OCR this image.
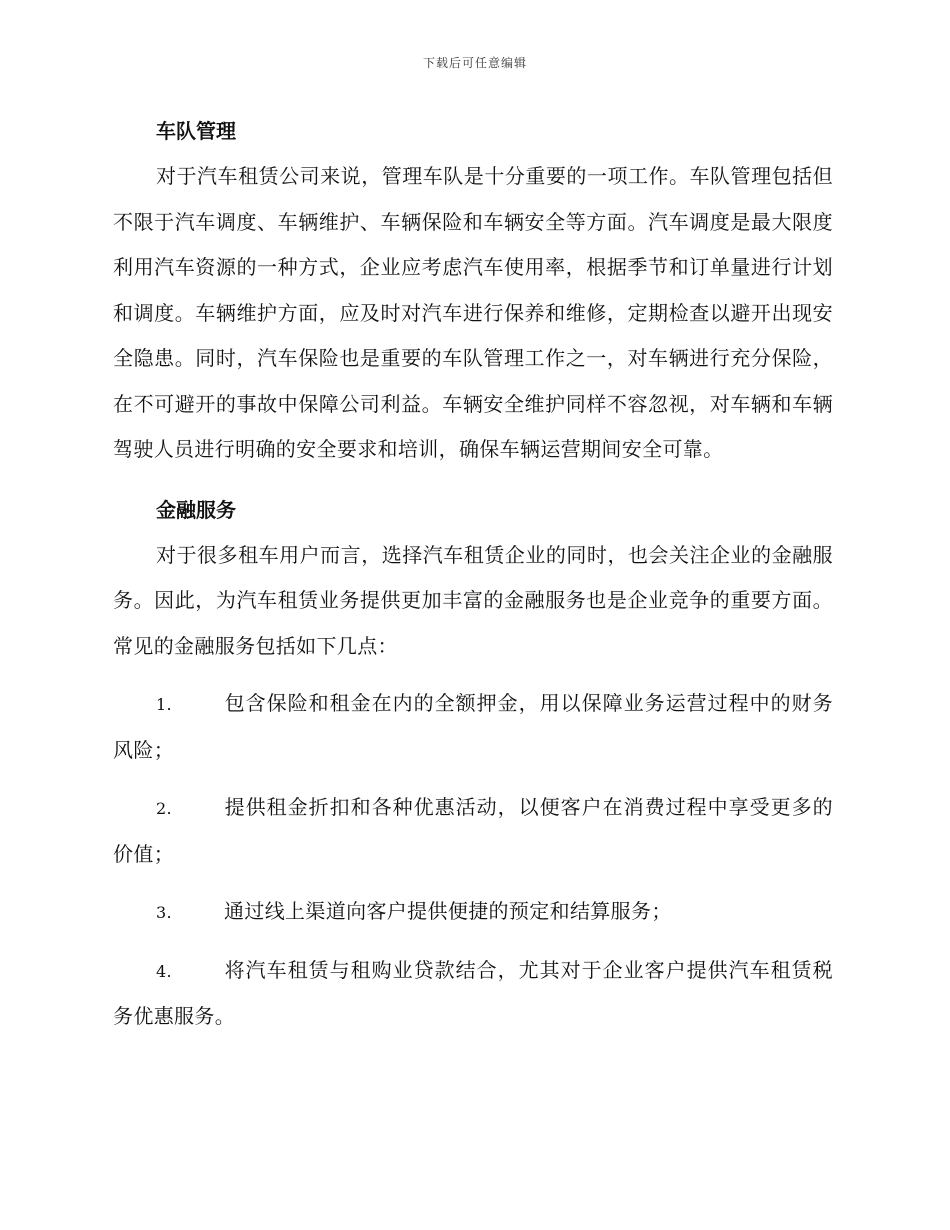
下载后可任意编辑
车队管理

对于汽车租赁公司来说，管理车队是十分重要的一项工作。车队管理包括但不限于汽车调度、车辆维护、车辆保险和车辆安全等方面。汽车调度是最大限度利用汽车资源的一种方式，企业应考虑汽车使用率，根据季节和订单量进行计划和调度。车辆维护方面，应及时对汽车进行保养和维修，定期检查以避开出现安全隐患。同时，汽车保险也是重要的车队管理工作之一，对车辆进行充分保险，在不可避开的事故中保障公司利益。车辆安全维护同样不容忽视，对车辆和车辆驾驶人员进行明确的安全要求和培训，确保车辆运营期间安全可靠。

金融服务

对于很多租车用户而言，选择汽车租赁企业的同时，也会关注企业的金融服务。因此，为汽车租赁业务提供更加丰富的金融服务也是企业竞争的重要方面。常见的金融服务包括如下几点：

1.	包含保险和租金在内的全额押金，用以保障业务运营过程中的财务风险；

2.	提供租金折扣和各种优惠活动，以便客户在消费过程中享受更多的价值；

3.	通过线上渠道向客户提供便捷的预定和结算服务；

4.	将汽车租赁与租购业贷款结合，尤其对于企业客户提供汽车租赁税务优惠服务。
